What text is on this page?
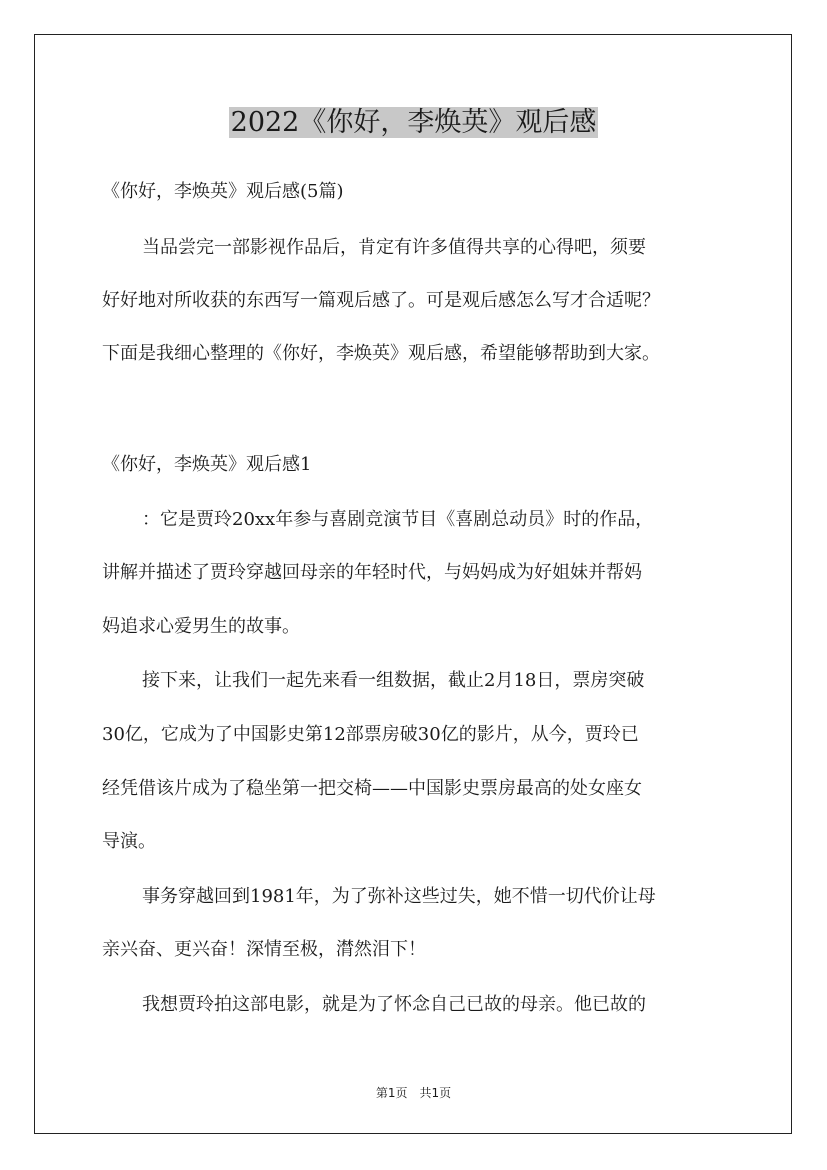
2022《你好，李焕英》观后感
《你好，李焕英》观后感(5篇)
当品尝完一部影视作品后，肯定有许多值得共享的心得吧，须要
好好地对所收获的东西写一篇观后感了。可是观后感怎么写才合适呢？
下面是我细心整理的《你好，李焕英》观后感，希望能够帮助到大家。
《你好，李焕英》观后感1
：它是贾玲20xx年参与喜剧竞演节目《喜剧总动员》时的作品，
讲解并描述了贾玲穿越回母亲的年轻时代，与妈妈成为好姐妹并帮妈
妈追求心爱男生的故事。
接下来，让我们一起先来看一组数据，截止2月18日，票房突破
30亿，它成为了中国影史第12部票房破30亿的影片，从今，贾玲已
经凭借该片成为了稳坐第一把交椅——中国影史票房最高的处女座女
导演。
事务穿越回到1981年，为了弥补这些过失，她不惜一切代价让母
亲兴奋、更兴奋！深情至极，潸然泪下！
我想贾玲拍这部电影，就是为了怀念自己已故的母亲。他已故的
第1页　共1页
